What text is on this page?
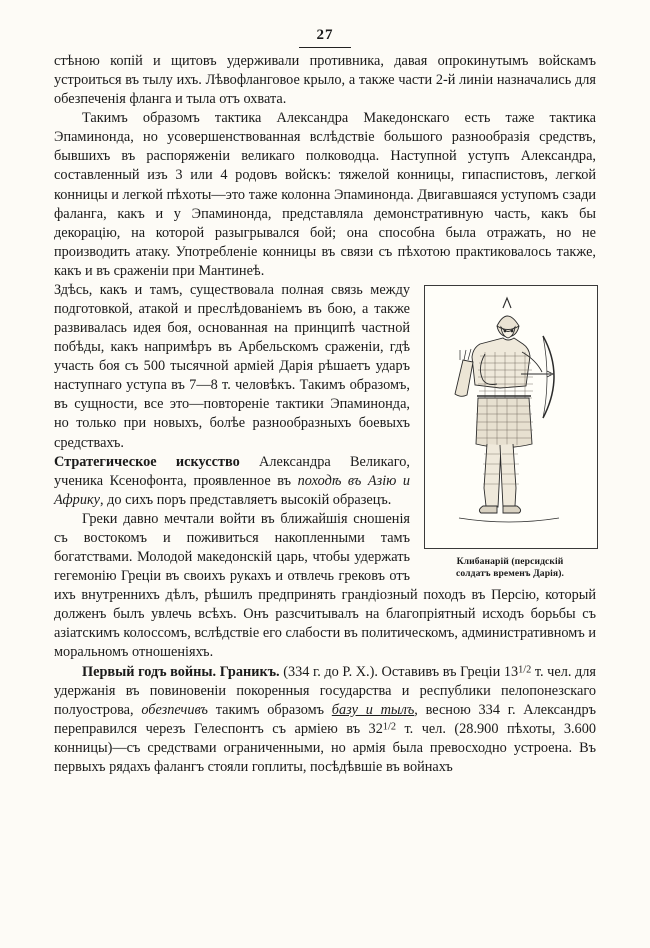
27

стѣною копій и щитовъ удерживали противника, давая опрокинутымъ войскамъ устроиться въ тылу ихъ. Лѣвофланговое крыло, а также части 2-й линіи назначались для обезпеченія фланга и тыла отъ охвата.

Такимъ образомъ тактика Александра Македонскаго есть таже тактика Эпаминонда, но усовершенствованная вслѣдствіе большого разнообразія средствъ, бывшихъ въ распоряженіи великаго полководца. Наступной уступъ Александра, составленный изъ 3 или 4 родовъ войскъ: тяжелой конницы, гипаспистовъ, легкой конницы и легкой пѣхоты—это таже колонна Эпаминонда. Двигавшаяся уступомъ сзади фаланга, какъ и у Эпаминонда, представляла демонстративную часть, какъ бы декорацію, на которой разыгрывался бой; она способна была отражать, но не производить атаку. Употребленіе конницы въ связи съ пѣхотою практиковалось также, какъ и въ сраженіи при Мантинеѣ.

Клибанарій (персидскій
солдатъ временъ Дарія).

Здѣсь, какъ и тамъ, существовала полная связь между подготовкой, атакой и преслѣдованіемъ въ бою, а также развивалась идея боя, основанная на принципѣ частной побѣды, какъ напримѣръ въ Арбельскомъ сраженіи, гдѣ участь боя съ 500 тысячной арміей Дарія рѣшаетъ ударъ наступнаго уступа въ 7—8 т. человѣкъ. Такимъ образомъ, въ сущности, все это—повтореніе тактики Эпаминонда, но только при новыхъ, болѣе разнообразныхъ боевыхъ средствахъ.

Стратегическое искусство Александра Великаго, ученика Ксенофонта, проявленное въ походѣ въ Азію и Африку, до сихъ поръ представляетъ высокій образецъ.

Греки давно мечтали войти въ ближайшія сношенія съ востокомъ и поживиться накопленными тамъ богатствами. Молодой македонскій царь, чтобы удержать гегемонію Греціи въ своихъ рукахъ и отвлечь грековъ отъ ихъ внутреннихъ дѣлъ, рѣшилъ предпринять грандіозный походъ въ Персію, который долженъ былъ увлечь всѣхъ. Онъ разсчитывалъ на благопріятный исходъ борьбы съ азіатскимъ колоссомъ, вслѣдствіе его слабости въ политическомъ, административномъ и моральномъ отношеніяхъ.

Первый годъ войны. Граникъ. (334 г. до Р. Х.). Оставивъ въ Греціи $13^{1/2}$ т. чел. для удержанія въ повиновеніи покоренныя государства и республики пелопонезскаго полуострова, обезпечивъ такимъ образомъ базу и тылъ, весною 334 г. Александръ переправился черезъ Гелеспонтъ съ арміею въ $32^{1/2}$ т. чел. (28.900 пѣхоты, 3.600 конницы)—съ средствами ограниченными, но армія была превосходно устроена. Въ первыхъ рядахъ фалангъ стояли гоплиты, посѣдѣвшіе въ войнахъ
